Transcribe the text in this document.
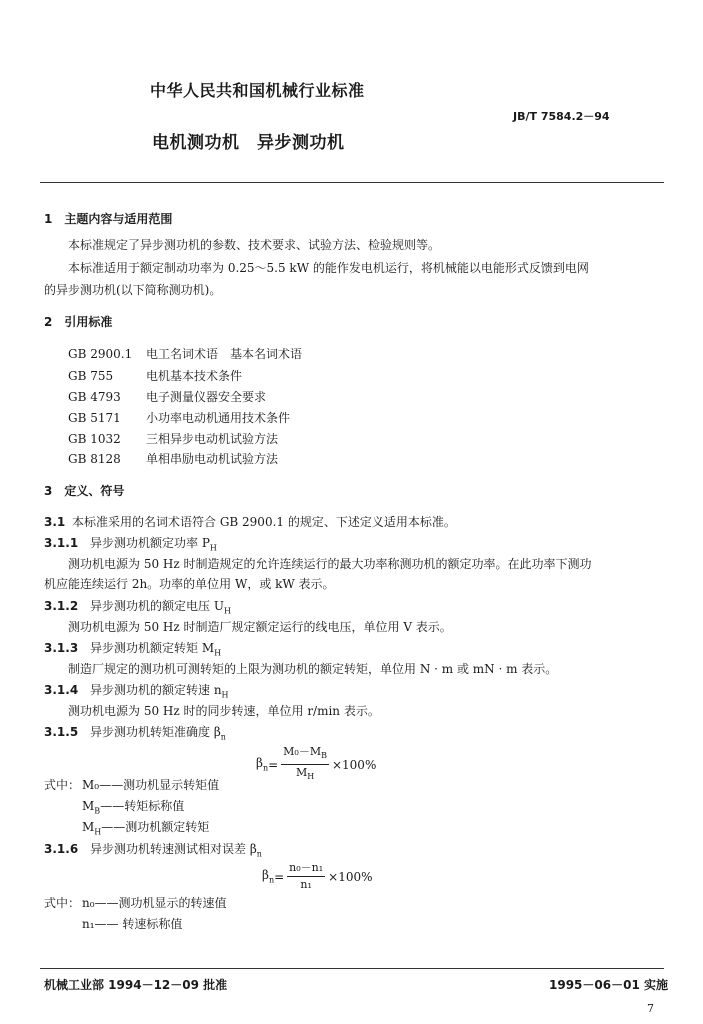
中华人民共和国机械行业标准
JB/T 7584.2－94
电机测功机　异步测功机
1　主题内容与适用范围
本标准规定了异步测功机的参数、技术要求、试验方法、检验规则等。
本标准适用于额定制动功率为 0.25～5.5 kW 的能作发电机运行，将机械能以电能形式反馈到电网
的异步测功机(以下简称测功机)。
2　引用标准
GB 2900.1 电工名词术语　基本名词术语
GB 755	电机基本技术条件
GB 4793 电子测量仪器安全要求
GB 5171 小功率电动机通用技术条件
GB 1032 三相异步电动机试验方法
GB 8128 单相串励电动机试验方法
3　定义、符号
3.1 本标准采用的名词术语符合 GB 2900.1 的规定、下述定义适用本标准。
3.1.1 异步测功机额定功率 $P_H$
测功机电源为 50 Hz 时制造规定的允许连续运行的最大功率称测功机的额定功率。在此功率下测功
机应能连续运行 2h。功率的单位用 W，或 kW 表示。
3.1.2 异步测功机的额定电压 $U_H$
测功机电源为 50 Hz 时制造厂规定额定运行的线电压，单位用 V 表示。
3.1.3 异步测功机额定转矩 $M_H$
制造厂规定的测功机可测转矩的上限为测功机的额定转矩，单位用 N · m 或 mN · m 表示。
3.1.4 异步测功机的额定转速 $n_H$
测功机电源为 50 Hz 时的同步转速，单位用 r/min 表示。
3.1.5 异步测功机转矩准确度 $\beta_n$
$\beta_n = \frac{M_0-M_B}{M_H} \times 100\%$
式中： M₀——测功机显示转矩值
$M_B——$转矩标称值
$M_H——$测功机额定转矩
3.1.6 异步测功机转速测试相对误差 $\beta_n$
$\beta_n = \frac{\text{n₀－n₁}}{\text{n₁}} \times 100\%$
式中： n₀——测功机显示的转速值
n₁—— 转速标称值
机械工业部 1994－12－09 批准	1995－06－01 实施
7
